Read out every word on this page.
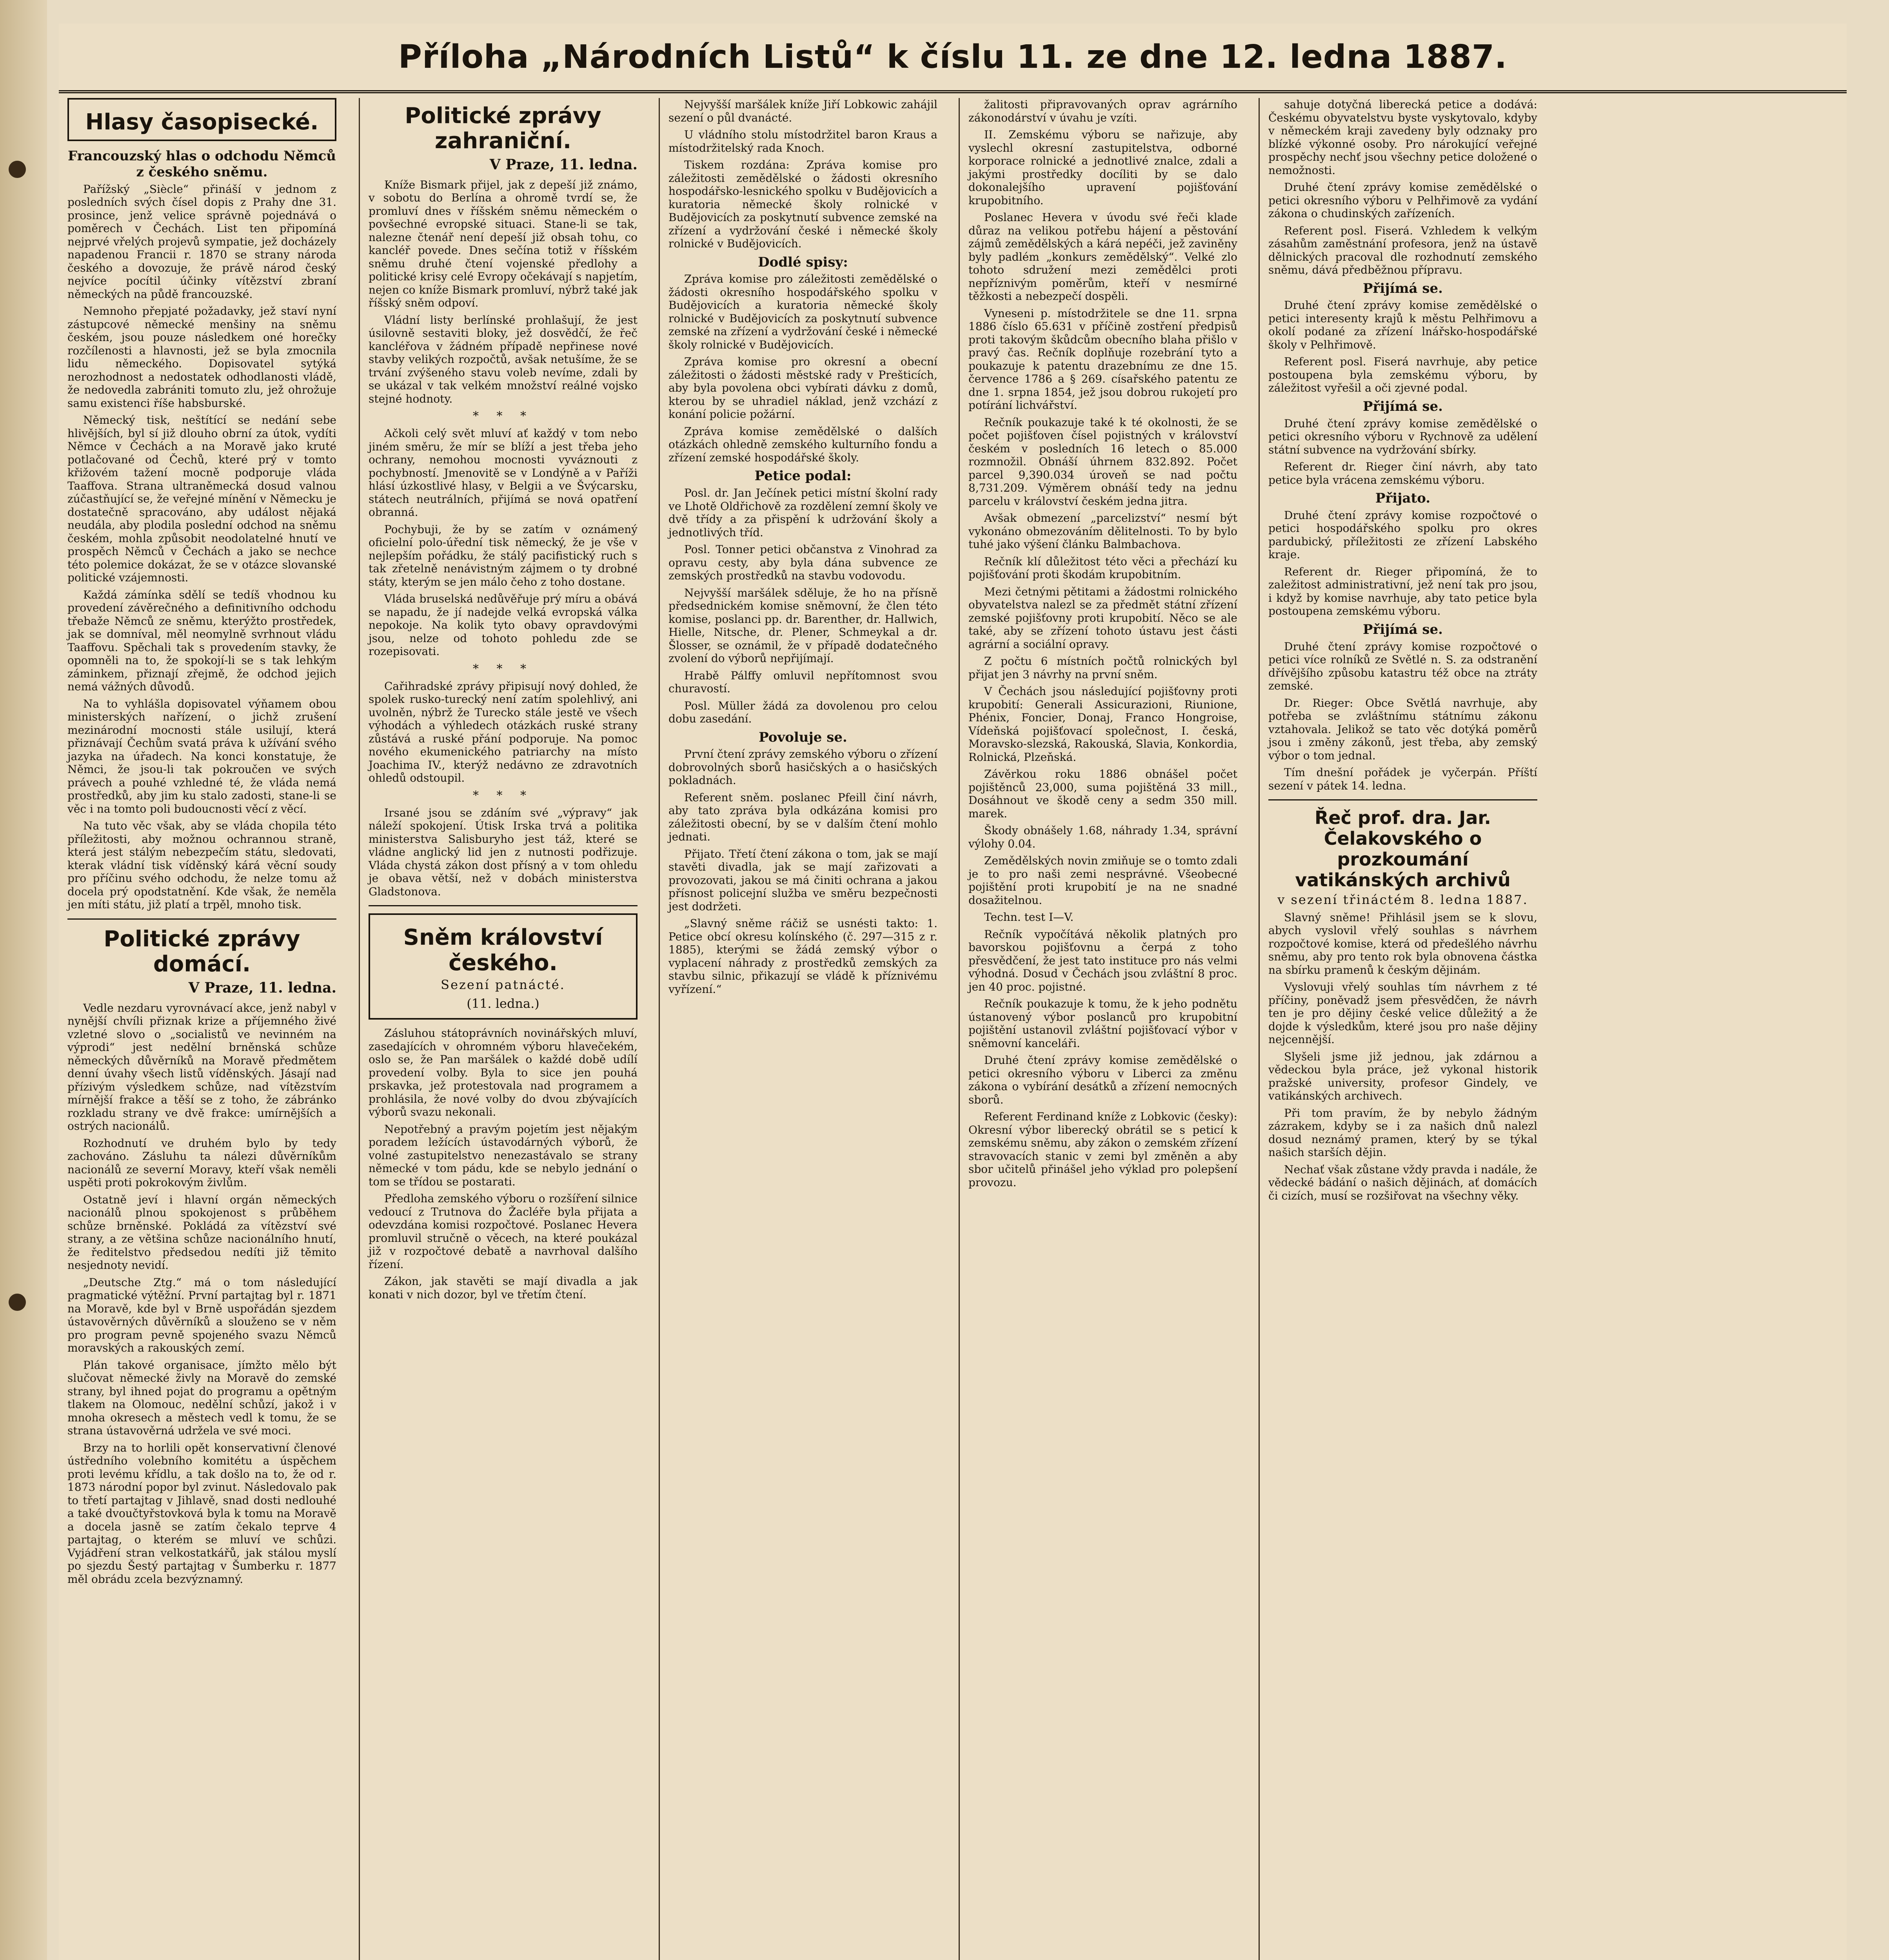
Příloha „Národních Listů“ k číslu 11. ze dne 12. ledna 1887.
Hlasy časopisecké.
Francouzský hlas o odchodu Němců z českého sněmu.

Pařížský „Siècle“ přináší v jednom z posledních svých čísel dopis z Prahy dne 31. prosince, jenž velice správně pojednává o poměrech v Čechách. List ten připomíná nejprvé vřelých projevů sympatie, jež docházely napadenou Francii r. 1870 se strany národa českého a dovozuje, že právě národ český nejvíce pocítil účinky vítězství zbraní německých na půdě francouzské.

Nemnoho přepjaté požadavky, jež staví nyní zástupcové německé menšiny na sněmu českém, jsou pouze následkem oné horečky rozčílenosti a hlavnosti, jež se byla zmocnila lidu německého. Dopisovatel sytýká nerozhodnost a nedostatek odhodlanosti vládě, že nedovedla zabrániti tomuto zlu, jež ohrožuje samu existenci říše habsburské.

Německý tisk, neštítící se nedání sebe hlivějších, byl sí již dlouho obrní za útok, vydíti Němce v Čechách a na Moravě jako kruté potlačované od Čechů, které prý v tomto křižovém tažení mocně podporuje vláda Taaffova. Strana ultraněmecká dosud valnou zúčastňující se, že veřejné mínění v Německu je dostatečně spracováno, aby událost nějaká neudála, aby plodila poslední odchod na sněmu českém, mohla způsobit neodolatelné hnutí ve prospěch Němců v Čechách a jako se nechce této polemice dokázat, že se v otázce slovanské politické vzájemnosti.

Každá zámínka sdělí se tedíš vhodnou ku provedení závěrečného a definitivního odchodu třebaže Němců ze sněmu, kterýžto prostředek, jak se domníval, měl neomylně svrhnout vládu Taaffovu. Spěchali tak s provedením stavky, že opomněli na to, že spokojí-li se s tak lehkým záminkem, přiznají zřejmě, že odchod jejich nemá vážných důvodů.

Na to vyhlášla dopisovatel výňamem obou ministerských nařízení, o jichž zrušení mezinárodní mocnosti stále usilují, která přiznávají Čechům svatá práva k užívání svého jazyka na úřadech. Na konci konstatuje, že Němci, že jsou-li tak pokroučen ve svých právech a pouhé vzhledné té, že vláda nemá prostředků, aby jim ku stalo zadosti, stane-li se věc i na tomto poli budoucnosti věcí z věcí.

Na tuto věc však, aby se vláda chopila této příležitosti, aby možnou ochrannou straně, která jest stálým nebezpečím státu, sledovati, kterak vládní tisk víděnský kárá věcní soudy pro příčinu svého odchodu, že nelze tomu až docela prý opodstatnění. Kde však, že neměla jen míti státu, již platí a trpěl, mnoho tisk.

Politické zprávy domácí.
V Praze, 11. ledna.

Vedle nezdaru vyrovnávací akce, jenž nabyl v nynější chvíli přiznak krize a příjemného živé vzletné slovo o „socialistů ve nevinném na výprodi“ jest nedělní brněnská schůze německých důvěrníků na Moravě předmětem denní úvahy všech listů víděnských. Jásají nad přízivým výsledkem schůze, nad vítězstvím mírnější frakce a těší se z toho, že zábránko rozkladu strany ve dvě frakce: umírnějších a ostrých nacionálů.

Rozhodnutí ve druhém bylo by tedy zachováno. Zásluhu ta nálezi důvěrníkům nacionálů ze severní Moravy, kteří však neměli uspěti proti pokrokovým živlům.

Ostatně jeví i hlavní orgán německých nacionálů plnou spokojenost s průběhem schůze brněnské. Pokládá za vítězství své strany, a ze většina schůze nacionálního hnutí, že ředitelstvo předsedou nedíti již těmito nesjednoty nevidí.

„Deutsche Ztg.“ má o tom následující pragmatické výtěžní. První partajtag byl r. 1871 na Moravě, kde byl v Brně uspořádán sjezdem ústavověrných důvěrníků a slouženo se v něm pro program pevně spojeného svazu Němců moravských a rakouských zemí.

Plán takové organisace, jímžto mělo být slučovat německé živly na Moravě do zemské strany, byl ihned pojat do programu a opětným tlakem na Olomouc, nedělní schůzí, jakož i v mnoha okresech a městech vedl k tomu, že se strana ústavověrná udržela ve své moci.

Brzy na to horlili opět konservativní členové ústředního volebního komitétu a úspěchem proti levému křídlu, a tak došlo na to, že od r. 1873 národní popor byl zvinut. Následovalo pak to třetí partajtag v Jihlavě, snad dosti nedlouhé a také dvoučtyřstovková byla k tomu na Moravě a docela jasně se zatím čekalo teprve 4 partajtag, o kterém se mluví ve schůzi. Vyjádření stran velkostatkářů, jak stálou myslí po sjezdu Šestý partajtag v Šumberku r. 1877 měl obrádu zcela bezvýznamný.

Politické zprávy zahraniční.
V Praze, 11. ledna.

Kníže Bismark přijel, jak z depeší již známo, v sobotu do Berlína a ohromě tvrdí se, že promluví dnes v říšském sněmu německém o povšechné evropské situaci. Stane-li se tak, nalezne čtenář není depeší již obsah tohu, co kancléř povede. Dnes sečína totiž v říšském sněmu druhé čtení vojenské předlohy a politické krisy celé Evropy očekávají s napjetím, nejen co kníže Bismark promluví, nýbrž také jak říšský sněm odpoví.

Vládní listy berlínské prohlašují, že jest úsilovně sestaviti bloky, jež dosvědčí, že řeč kancléřova v žádném případě nepřinese nové stavby velikých rozpočtů, avšak netušíme, že se trvání zvýšeného stavu voleb nevíme, zdali by se ukázal v tak velkém množství reálné vojsko stejné hodnoty.

* * *

Ačkoli celý svět mluví ať každý v tom nebo jiném směru, že mír se blíží a jest třeba jeho ochrany, nemohou mocnosti vyváznouti z pochybností. Jmenovitě se v Londýně a v Paříži hlásí úzkostlivé hlasy, v Belgii a ve Švýcarsku, státech neutrálních, přijímá se nová opatření obranná.

Pochybuji, že by se zatím v oznámený oficielní polo-úřední tisk německý, že je vše v nejlepším pořádku, že stálý pacifistický ruch s tak zřetelně nenávistným zájmem o ty drobné státy, kterým se jen málo čeho z toho dostane.

Vláda bruselská nedůvěřuje prý míru a obává se napadu, že jí nadejde velká evropská válka nepokoje. Na kolik tyto obavy opravdovými jsou, nelze od tohoto pohledu zde se rozepisovati.

* * *

Cařihradské zprávy připisují nový dohled, že spolek rusko-turecký není zatím spolehlivý, ani uvolněn, nýbrž že Turecko stále jestě ve všech výhodách a výhledech otázkách ruské strany zůstává a ruské přání podporuje. Na pomoc nového ekumenického patriarchy na místo Joachima IV., kterýž nedávno ze zdravotních ohledů odstoupil.

* * *

Irsané jsou se zdáním své „výpravy“ jak náleží spokojení. Útisk Irska trvá a politika ministerstva Salisburyho jest táž, které se vládne anglický lid jen z nutnosti podřizuje. Vláda chystá zákon dost přísný a v tom ohledu je obava větší, než v dobách ministerstva Gladstonova.

Sněm království českého.
Sezení patnácté.
(11. ledna.)

Zásluhou státoprávních novinářských mluví, zasedajících v ohromném výboru hlavečekém, oslo se, že Pan maršálek o každé době udílí provedení volby. Byla to sice jen pouhá prskavka, jež protestovala nad programem a prohlásila, že nové volby do dvou zbývajících výborů svazu nekonali.

Nepotřebný a pravým pojetím jest nějakým poradem ležících ústavodárných výborů, že volné zastupitelstvo nenezastávalo se strany německé v tom pádu, kde se nebylo jednání o tom se třídou se postarati.

Předloha zemského výboru o rozšíření silnice vedoucí z Trutnova do Žacléře byla přijata a odevzdána komisi rozpočtové. Poslanec Hevera promluvil stručně o věcech, na které poukázal již v rozpočtové debatě a navrhoval dalšího řízení.

Zákon, jak stavěti se mají divadla a jak konati v nich dozor, byl ve třetím čtení.

Nejvyšší maršálek kníže Jiří Lobkowic zahájil sezení o půl dvanácté.

U vládního stolu místodržitel baron Kraus a místodržitelský rada Knoch.

Tiskem rozdána: Zpráva komise pro záležitosti zemědělské o žádosti okresního hospodářsko-lesnického spolku v Budějovicích a kuratoria německé školy rolnické v Budějovicích za poskytnutí subvence zemské na zřízení a vydržování české i německé školy rolnické v Budějovicích.

Dodlé spisy:

Zpráva komise pro záležitosti zemědělské o žádosti okresního hospodářského spolku v Budějovicích a kuratoria německé školy rolnické v Budějovicích za poskytnutí subvence zemské na zřízení a vydržování české i německé školy rolnické v Budějovicích.

Zpráva komise pro okresní a obecní záležitosti o žádosti městské rady v Prešticích, aby byla povolena obci vybírati dávku z domů, kterou by se uhradiel náklad, jenž vzchází z konání policie požární.

Zpráva komise zemědělské o dalších otázkách ohledně zemského kulturního fondu a zřízení zemské hospodářské školy.

Petice podal:

Posl. dr. Jan Ječínek petici místní školní rady ve Lhotě Oldřichově za rozdělení zemní školy ve dvě třídy a za přispění k udržování školy a jednotlivých tříd.

Posl. Tonner petici občanstva z Vinohrad za opravu cesty, aby byla dána subvence ze zemských prostředků na stavbu vodovodu.

Nejvyšší maršálek sděluje, že ho na přísně předsednickém komise sněmovní, že člen této komise, poslanci pp. dr. Barenther, dr. Hallwich, Hielle, Nitsche, dr. Plener, Schmeykal a dr. Šlosser, se oznámil, že v případě dodatečného zvolení do výborů nepřijímají.

Hrabě Pálffy omluvil nepřítomnost svou churavostí.

Posl. Müller žádá za dovolenou pro celou dobu zasedání.

Povoluje se.

První čtení zprávy zemského výboru o zřízení dobrovolných sborů hasičských a o hasičských pokladnách.

Referent sněm. poslanec Pfeill činí návrh, aby tato zpráva byla odkázána komisi pro záležitosti obecní, by se v dalším čtení mohlo jednati.

Přijato. Třetí čtení zákona o tom, jak se mají stavěti divadla, jak se mají zařizovati a provozovati, jakou se má činiti ochrana a jakou přísnost policejní služba ve směru bezpečnosti jest dodržeti.

„Slavný sněme ráčiž se usnésti takto: 1. Petice obcí okresu kolínského (č. 297—315 z r. 1885), kterými se žádá zemský výbor o vyplacení náhrady z prostředků zemských za stavbu silnic, přikazují se vládě k příznivému vyřízení.“

žalitosti připravovaných oprav agrárního zákonodárství v úvahu je vzíti.

II. Zemskému výboru se nařizuje, aby vyslechl okresní zastupitelstva, odborné korporace rolnické a jednotlivé znalce, zdali a jakými prostředky docíliti by se dalo dokonalejšího upravení pojišťování krupobitního.

Poslanec Hevera v úvodu své řeči klade důraz na velikou potřebu hájení a pěstování zájmů zemědělských a kárá nepéči, jež zaviněny byly padlém „konkurs zemědělský“. Velké zlo tohoto sdružení mezi zemědělci proti nepříznivým poměrům, kteří v nesmírné těžkosti a nebezpečí dospěli.

Vyneseni p. místodržitele se dne 11. srpna 1886 číslo 65.631 v příčině zostření předpisů proti takovým škůdcům obecního blaha přišlo v pravý čas. Rečník doplňuje rozebrání tyto a poukazuje k patentu drazebnímu ze dne 15. července 1786 a § 269. císařského patentu ze dne 1. srpna 1854, jež jsou dobrou rukojetí pro potírání lichvářství.

Rečník poukazuje také k té okolnosti, že se počet pojišťoven čísel pojistných v království českém v posledních 16 letech o 85.000 rozmnožil. Obnáší úhrnem 832.892. Počet parcel 9,390.034 úroveň se nad počtu 8,731.209. Výměrem obnáší tedy na jednu parcelu v království českém jedna jitra.

Avšak obmezení „parcelizství“ nesmí být vykonáno obmezováním dělitelnosti. To by bylo tuhé jako výšení článku Balmbachova.

Rečník klí důležitost této věci a přechází ku pojišťování proti škodám krupobitním.

Mezi četnými pětitami a žádostmi rolnického obyvatelstva nalezl se za předmět státní zřízení zemské pojišťovny proti krupobití. Něco se ale také, aby se zřízení tohoto ústavu jest části agrární a sociální opravy.

Z počtu 6 místních počtů rolnických byl přijat jen 3 návrhy na první sněm.

V Čechách jsou následující pojišťovny proti krupobití: Generali Assicurazioni, Riunione, Phénix, Foncier, Donaj, Franco Hongroise, Vídeňská pojišťovací společnost, I. česká, Moravsko-slezská, Rakouská, Slavia, Konkordia, Rolnická, Plzeňská.

Závěrkou roku 1886 obnášel počet pojištěnců 23,000, suma pojištěná 33 mill., Dosáhnout ve škodě ceny a sedm 350 mill. marek.

Škody obnášely 1.68, náhrady 1.34, správní výlohy 0.04.

Zemědělských novin zmiňuje se o tomto zdali je to pro naši zemi nesprávné. Všeobecné pojištění proti krupobití je na ne snadné dosažitelnou.

Techn. test I—V.

Rečník vypočítává několik platných pro bavorskou pojišťovnu a čerpá z toho přesvědčení, že jest tato instituce pro nás velmi výhodná. Dosud v Čechách jsou zvláštní 8 proc. jen 40 proc. pojistné.

Rečník poukazuje k tomu, že k jeho podnětu ústanovený výbor poslanců pro krupobitní pojištění ustanovil zvláštní pojišťovací výbor v sněmovní kanceláři.

Druhé čtení zprávy komise zemědělské o petici okresního výboru v Liberci za změnu zákona o vybírání desátků a zřízení nemocných sborů.

Referent Ferdinand kníže z Lobkovic (česky): Okresní výbor liberecký obrátil se s peticí k zemskému sněmu, aby zákon o zemském zřízení stravovacích stanic v zemi byl změněn a aby sbor učitelů přinášel jeho výklad pro polepšení provozu.

sahuje dotyčná liberecká petice a dodává: Českému obyvatelstvu byste vyskytovalo, kdyby v německém kraji zavedeny byly odznaky pro blízké výkonné osoby. Pro nárokující veřejné prospěchy nechť jsou všechny petice doložené o nemožnosti.

Druhé čtení zprávy komise zemědělské o petici okresního výboru v Pelhřimově za vydání zákona o chudinských zařízeních.

Referent posl. Fiserá. Vzhledem k velkým zásahům zaměstnání profesora, jenž na ústavě dělnických pracoval dle rozhodnutí zemského sněmu, dává předběžnou přípravu.

Přijímá se.

Druhé čtení zprávy komise zemědělské o petici interesenty krajů k městu Pelhřimovu a okolí podané za zřízení lnářsko-hospodářské školy v Pelhřimově.

Referent posl. Fiserá navrhuje, aby petice postoupena byla zemskému výboru, by záležitost vyřešil a oči zjevné podal.

Přijímá se.

Druhé čtení zprávy komise zemědělské o petici okresního výboru v Rychnově za udělení státní subvence na vydržování sbírky.

Referent dr. Rieger činí návrh, aby tato petice byla vrácena zemskému výboru.

Přijato.

Druhé čtení zprávy komise rozpočtové o petici hospodářského spolku pro okres pardubický, příležitosti ze zřízení Labského kraje.

Referent dr. Rieger připomíná, že to zaležitost administrativní, jež není tak pro jsou, i když by komise navrhuje, aby tato petice byla postoupena zemskému výboru.

Přijímá se.

Druhé čtení zprávy komise rozpočtové o petici více rolníků ze Světlé n. S. za odstranění dřívějšího způsobu katastru též obce na ztráty zemské.

Dr. Rieger: Obce Světlá navrhuje, aby potřeba se zvláštnímu státnímu zákonu vztahovala. Jelikož se tato věc dotýká poměrů jsou i změny zákonů, jest třeba, aby zemský výbor o tom jednal.

Tím dnešní pořádek je vyčerpán. Příští sezení v pátek 14. ledna.

Řeč prof. dra. Jar. Čelakovského o prozkoumání vatikánských archivů
v sezení třináctém 8. ledna 1887.

Slavný sněme! Přihlásil jsem se k slovu, abych vyslovil vřelý souhlas s návrhem rozpočtové komise, která od předešlého návrhu sněmu, aby pro tento rok byla obnovena částka na sbírku pramenů k českým dějinám.

Vyslovuji vřelý souhlas tím návrhem z té příčiny, poněvadž jsem přesvědčen, že návrh ten je pro dějiny české velice důležitý a že dojde k výsledkům, které jsou pro naše dějiny nejcennější.

Slyšeli jsme již jednou, jak zdárnou a vědeckou byla práce, jež vykonal historik pražské university, profesor Gindely, ve vatikánských archivech.

Při tom pravím, že by nebylo žádným zázrakem, kdyby se i za našich dnů nalezl dosud neznámý pramen, který by se týkal našich starších dějin.

Nechať však zůstane vždy pravda i nadále, že vědecké bádání o našich dějinách, ať domácích či cizích, musí se rozšiřovat na všechny věky.
